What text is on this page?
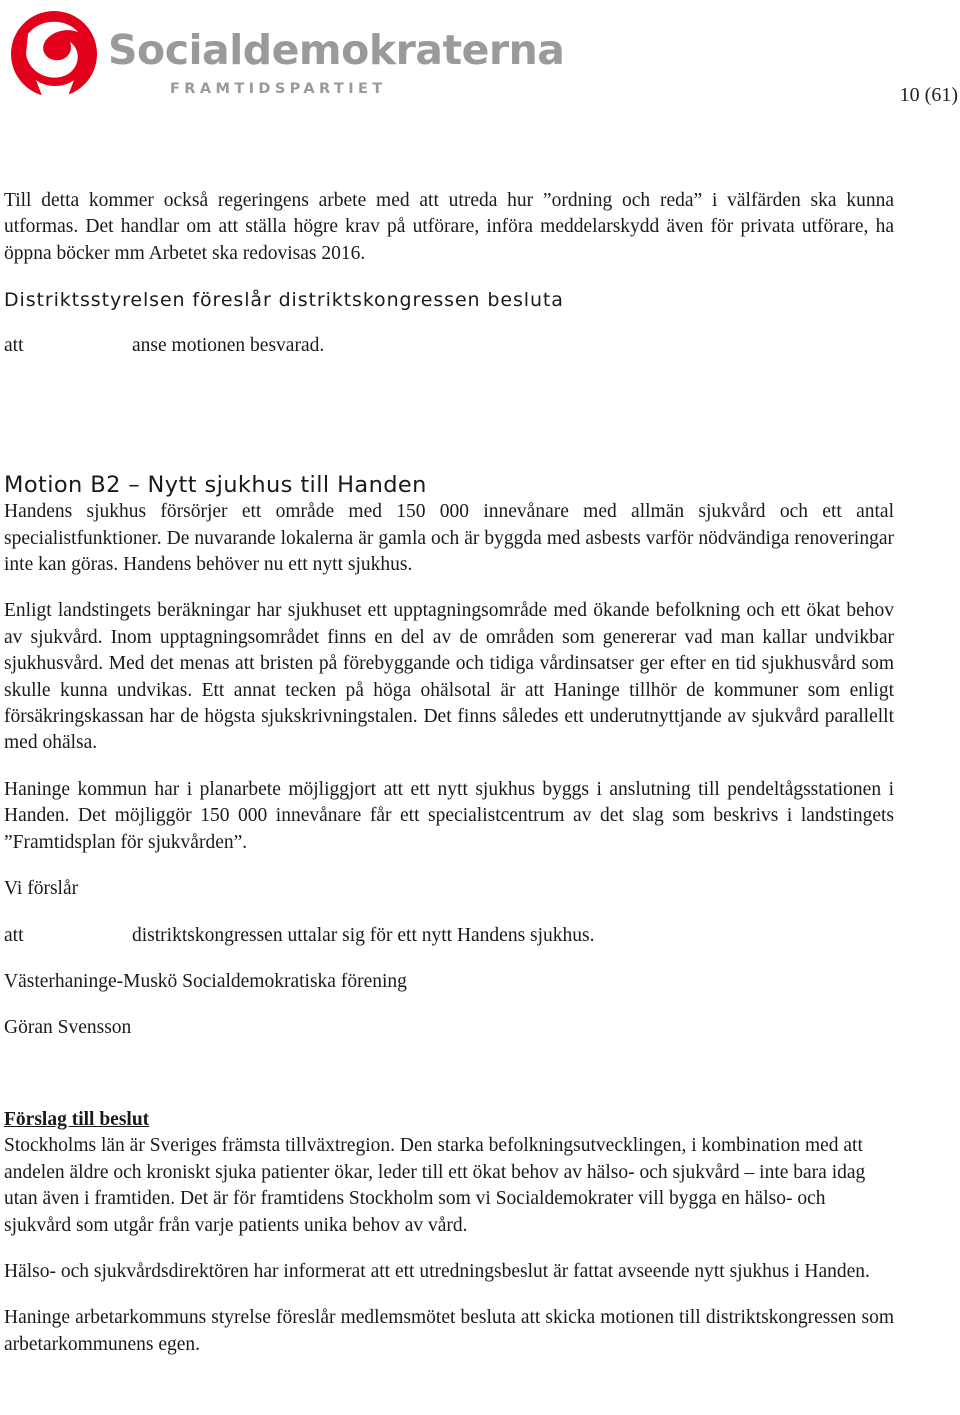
Socialdemokraterna
FRAMTIDSPARTIET	10 (61)

Till detta kommer också regeringens arbete med att utreda hur ”ordning och reda” i välfärden ska kunna utformas. Det handlar om att ställa högre krav på utförare, införa meddelarskydd även för privata utförare, ha öppna böcker mm Arbetet ska redovisas 2016.

Distriktsstyrelsen föreslår distriktskongressen besluta

att	anse motionen besvarad.
Motion B2 – Nytt sjukhus till Handen

Handens sjukhus försörjer ett område med 150 000 innevånare med allmän sjukvård och ett antal specialistfunktioner. De nuvarande lokalerna är gamla och är byggda med asbests varför nödvändiga renoveringar inte kan göras. Handens behöver nu ett nytt sjukhus.

Enligt landstingets beräkningar har sjukhuset ett upptagningsområde med ökande befolkning och ett ökat behov av sjukvård. Inom upptagningsområdet finns en del av de områden som genererar vad man kallar undvikbar sjukhusvård. Med det menas att bristen på förebyggande och tidiga vårdinsatser ger efter en tid sjukhusvård som skulle kunna undvikas. Ett annat tecken på höga ohälsotal är att Haninge tillhör de kommuner som enligt försäkringskassan har de högsta sjukskrivningstalen. Det finns således ett underutnyttjande av sjukvård parallellt med ohälsa.

Haninge kommun har i planarbete möjliggjort att ett nytt sjukhus byggs i anslutning till pendeltågsstationen i Handen. Det möjliggör 150 000 innevånare får ett specialistcentrum av det slag som beskrivs i landstingets ”Framtidsplan för sjukvården”.

Vi förslår

att	distriktskongressen uttalar sig för ett nytt Handens sjukhus.

Västerhaninge-Muskö Socialdemokratiska förening

Göran Svensson

Förslag till beslut

Stockholms län är Sveriges främsta tillväxtregion. Den starka befolkningsutvecklingen, i kombination med att andelen äldre och kroniskt sjuka patienter ökar, leder till ett ökat behov av hälso- och sjukvård – inte bara idag utan även i framtiden. Det är för framtidens Stockholm som vi Socialdemokrater vill bygga en hälso- och sjukvård som utgår från varje patients unika behov av vård.

Hälso- och sjukvårdsdirektören har informerat att ett utredningsbeslut är fattat avseende nytt sjukhus i Handen.

Haninge arbetarkommuns styrelse föreslår medlemsmötet besluta att skicka motionen till distriktskongressen som arbetarkommunens egen.
